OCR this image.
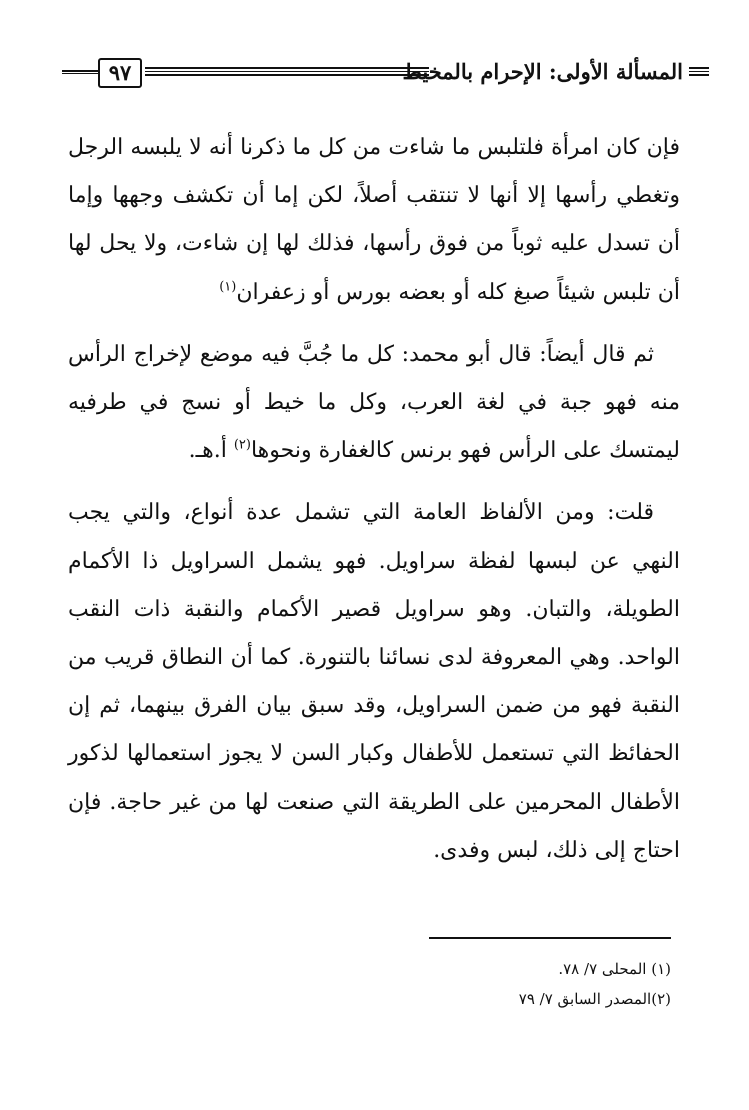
المسألة الأولى: الإحرام بالمخيط
٩٧

فإن كان امرأة فلتلبس ما شاءت من كل ما ذكرنا أنه لا يلبسه الرجل وتغطي رأسها إلا أنها لا تنتقب أصلاً، لكن إما أن تكشف وجهها وإما أن تسدل عليه ثوباً من فوق رأسها، فذلك لها إن شاءت، ولا يحل لها أن تلبس شيئاً صبغ كله أو بعضه بورس أو زعفران$^{(١)}$

ثم قال أيضاً: قال أبو محمد: كل ما جُبَّ فيه موضع لإخراج الرأس منه فهو جبة في لغة العرب، وكل ما خيط أو نسج في طرفيه ليمتسك على الرأس فهو برنس كالغفارة ونحوها$^{(٢)}$ أ.هـ.

قلت: ومن الألفاظ العامة التي تشمل عدة أنواع، والتي يجب النهي عن لبسها لفظة سراويل. فهو يشمل السراويل ذا الأكمام الطويلة، والتبان. وهو سراويل قصير الأكمام والنقبة ذات النقب الواحد. وهي المعروفة لدى نسائنا بالتنورة. كما أن النطاق قريب من النقبة فهو من ضمن السراويل، وقد سبق بيان الفرق بينهما، ثم إن الحفائظ التي تستعمل للأطفال وكبار السن لا يجوز استعمالها لذكور الأطفال المحرمين على الطريقة التي صنعت لها من غير حاجة. فإن احتاج إلى ذلك، لبس وفدى.

(١) المحلى ٧/ ٧٨.
(٢)المصدر السابق ٧/ ٧٩
